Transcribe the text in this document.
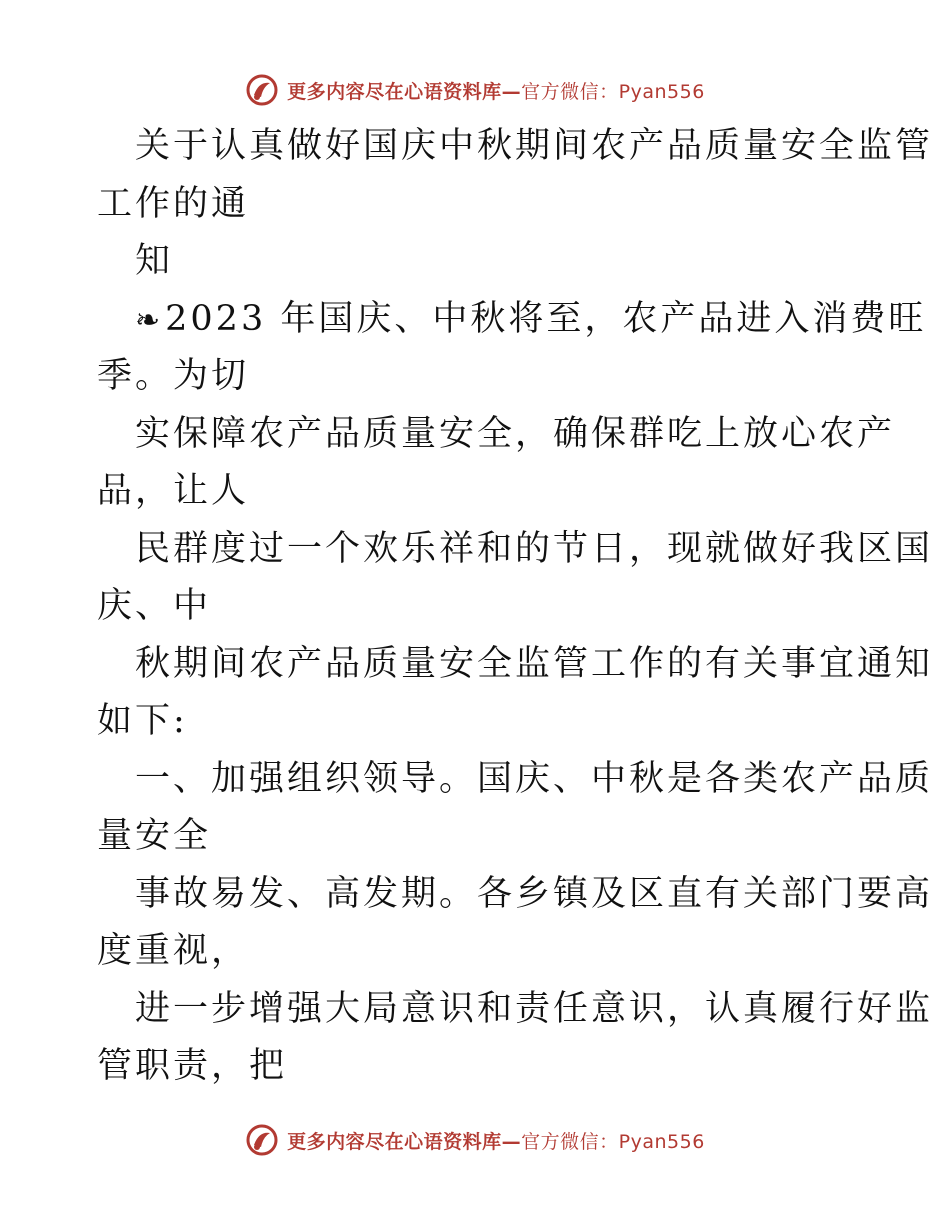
更多内容尽在心语资料库—官方微信：Pyan556
关于认真做好国庆中秋期间农产品质量安全监管
工作的通
知
❧2023 年国庆、中秋将至，农产品进入消费旺
季。为切
实保障农产品质量安全，确保群吃上放心农产
品，让人
民群度过一个欢乐祥和的节日，现就做好我区国
庆、中
秋期间农产品质量安全监管工作的有关事宜通知
如下:
一、加强组织领导。国庆、中秋是各类农产品质
量安全
事故易发、高发期。各乡镇及区直有关部门要高
度重视，
进一步增强大局意识和责任意识，认真履行好监
管职责，把
更多内容尽在心语资料库—官方微信：Pyan556
